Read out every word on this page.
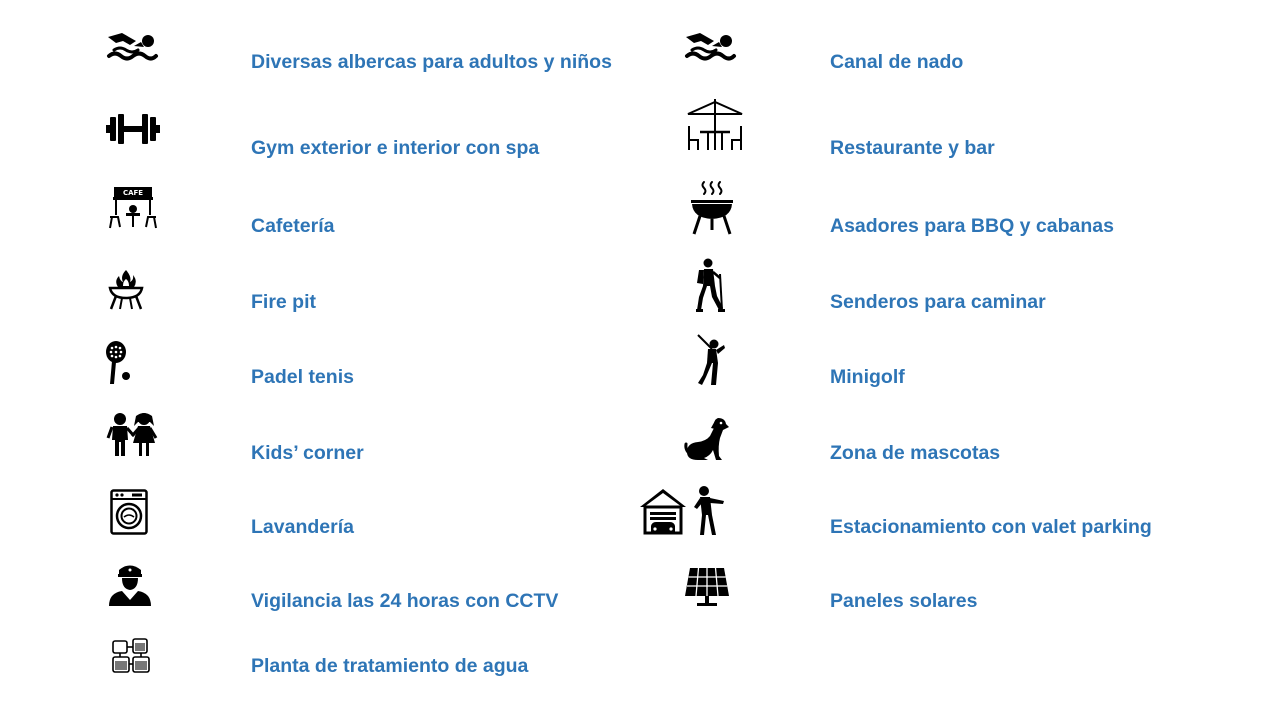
Diversas albercas para adultos y niños
Gym exterior e interior con spa
CAFE
Cafetería
Fire pit
Padel tenis
Kids’ corner
Lavandería
Vigilancia las 24 horas con CCTV
Planta de tratamiento de agua
Canal de nado
Restaurante y bar
Asadores para BBQ y cabanas
Senderos para caminar
Minigolf
Zona de mascotas
Estacionamiento con valet parking
Paneles solares
